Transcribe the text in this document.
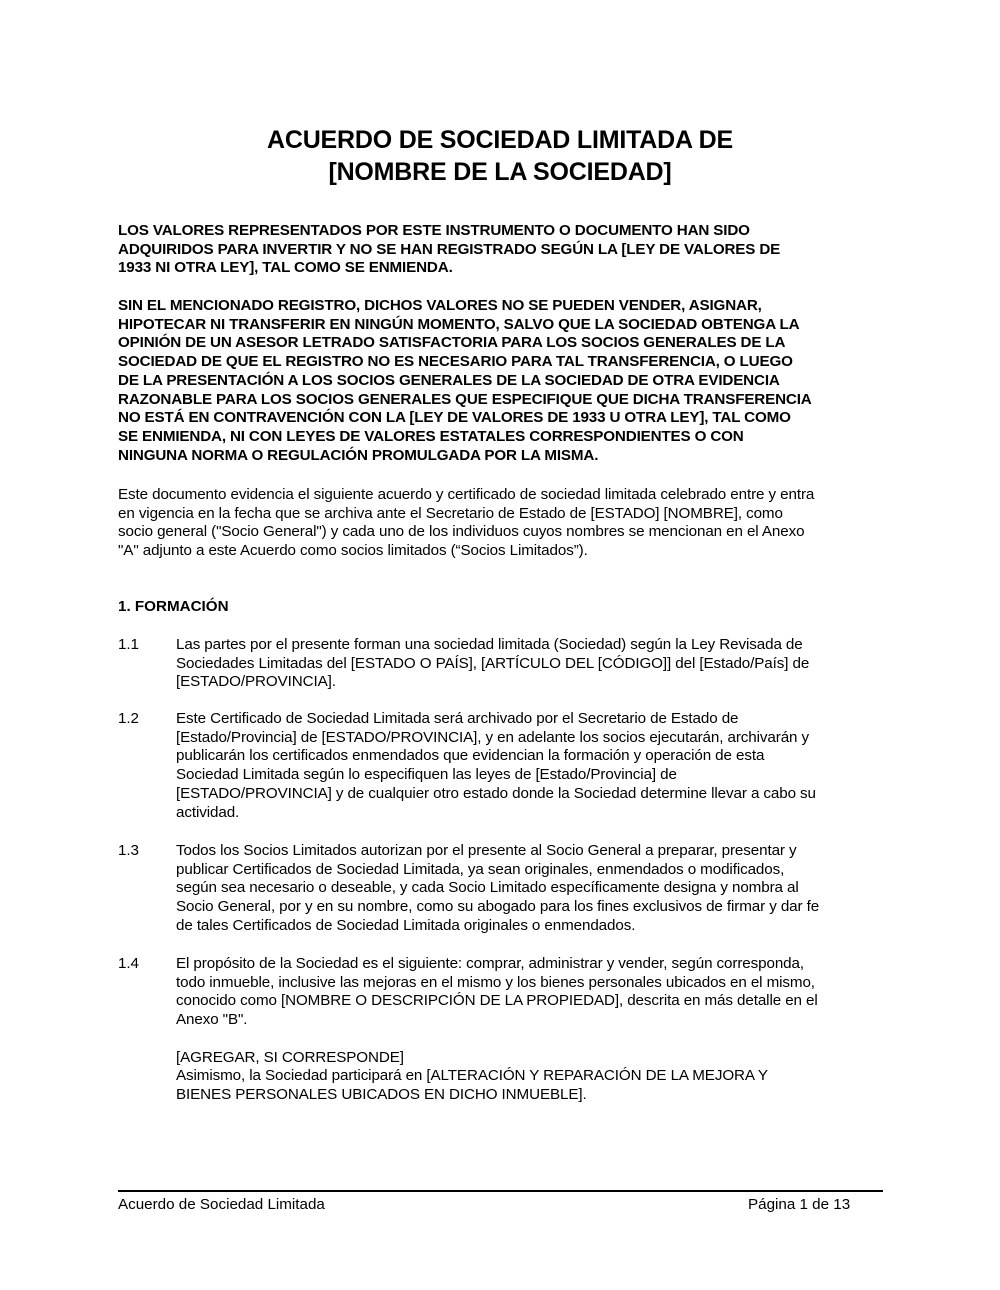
ACUERDO DE SOCIEDAD LIMITADA DE
[NOMBRE DE LA SOCIEDAD]
LOS VALORES REPRESENTADOS POR ESTE INSTRUMENTO O DOCUMENTO HAN SIDO
ADQUIRIDOS PARA INVERTIR Y NO SE HAN REGISTRADO SEGÚN LA [LEY DE VALORES DE
1933 NI OTRA LEY], TAL COMO SE ENMIENDA.
SIN EL MENCIONADO REGISTRO, DICHOS VALORES NO SE PUEDEN VENDER, ASIGNAR,
HIPOTECAR NI TRANSFERIR EN NINGÚN MOMENTO, SALVO QUE LA SOCIEDAD OBTENGA LA
OPINIÓN DE UN ASESOR LETRADO SATISFACTORIA PARA LOS SOCIOS GENERALES DE LA
SOCIEDAD DE QUE EL REGISTRO NO ES NECESARIO PARA TAL TRANSFERENCIA, O LUEGO
DE LA PRESENTACIÓN A LOS SOCIOS GENERALES DE LA SOCIEDAD DE OTRA EVIDENCIA
RAZONABLE PARA LOS SOCIOS GENERALES QUE ESPECIFIQUE QUE DICHA TRANSFERENCIA
NO ESTÁ EN CONTRAVENCIÓN CON LA [LEY DE VALORES DE 1933 U OTRA LEY], TAL COMO
SE ENMIENDA, NI CON LEYES DE VALORES ESTATALES CORRESPONDIENTES O CON
NINGUNA NORMA O REGULACIÓN PROMULGADA POR LA MISMA.
Este documento evidencia el siguiente acuerdo y certificado de sociedad limitada celebrado entre y entra
en vigencia en la fecha que se archiva ante el Secretario de Estado de [ESTADO] [NOMBRE], como
socio general ("Socio General") y cada uno de los individuos cuyos nombres se mencionan en el Anexo
"A" adjunto a este Acuerdo como socios limitados (“Socios Limitados”).
1. FORMACIÓN
1.1 Las partes por el presente forman una sociedad limitada (Sociedad) según la Ley Revisada de
Sociedades Limitadas del [ESTADO O PAÍS], [ARTÍCULO DEL [CÓDIGO]] del [Estado/País] de
[ESTADO/PROVINCIA].
1.2 Este Certificado de Sociedad Limitada será archivado por el Secretario de Estado de
[Estado/Provincia] de [ESTADO/PROVINCIA], y en adelante los socios ejecutarán, archivarán y
publicarán los certificados enmendados que evidencian la formación y operación de esta
Sociedad Limitada según lo especifiquen las leyes de [Estado/Provincia] de
[ESTADO/PROVINCIA] y de cualquier otro estado donde la Sociedad determine llevar a cabo su
actividad.
1.3 Todos los Socios Limitados autorizan por el presente al Socio General a preparar, presentar y
publicar Certificados de Sociedad Limitada, ya sean originales, enmendados o modificados,
según sea necesario o deseable, y cada Socio Limitado específicamente designa y nombra al
Socio General, por y en su nombre, como su abogado para los fines exclusivos de firmar y dar fe
de tales Certificados de Sociedad Limitada originales o enmendados.
1.4 El propósito de la Sociedad es el siguiente: comprar, administrar y vender, según corresponda,
todo inmueble, inclusive las mejoras en el mismo y los bienes personales ubicados en el mismo,
conocido como [NOMBRE O DESCRIPCIÓN DE LA PROPIEDAD], descrita en más detalle en el
Anexo "B".
[AGREGAR, SI CORRESPONDE]
Asimismo, la Sociedad participará en [ALTERACIÓN Y REPARACIÓN DE LA MEJORA Y
BIENES PERSONALES UBICADOS EN DICHO INMUEBLE].
Acuerdo de Sociedad Limitada	Página 1 de 13
